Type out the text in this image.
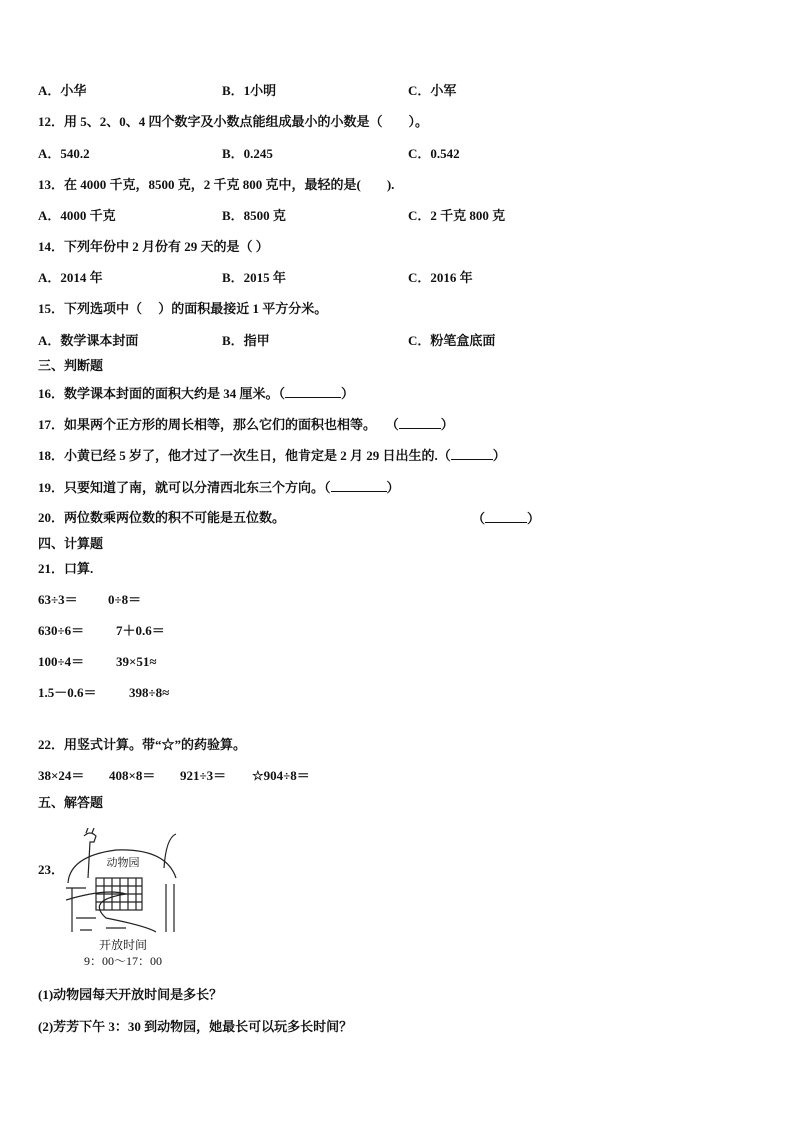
A．小华	B．1小明	C．小军
12．用 5、2、0、4 四个数字及小数点能组成最小的小数是（　　）。
A．540.2	B．0.245	C．0.542
13．在 4000 千克，8500 克，2 千克 800 克中，最轻的是(　　).
A．4000 千克	B．8500 克	C．2 千克 800 克
14．下列年份中 2 月份有 29 天的是（ ）
A．2014 年	B．2015 年	C．2016 年
15．下列选项中（　 ）的面积最接近 1 平方分米。
A．数学课本封面	B．指甲	C．粉笔盒底面
三、判断题
16．数学课本封面的面积大约是 34 厘米。（	）
17．如果两个正方形的周长相等，那么它们的面积也相等。　 （	）
18．小黄已经 5 岁了，他才过了一次生日，他肯定是 2 月 29 日出生的.（	）
19．只要知道了南，就可以分清西北东三个方向。（	）
20．两位数乘两位数的积不可能是五位数。	（	）
四、计算题
21．口算.
63÷3＝ 0÷8＝
630÷6＝ 7＋0.6＝
100÷4＝ 39×51≈
1.5－0.6＝ 398÷8≈
22．用竖式计算。带“☆”的药验算。
38×24＝ 408×8＝ 921÷3＝ ☆904÷8＝
五、解答题
23．	动物园
开放时间
9：00～17：00
(1)动物园每天开放时间是多长？
(2)芳芳下午 3：30 到动物园，她最长可以玩多长时间？
